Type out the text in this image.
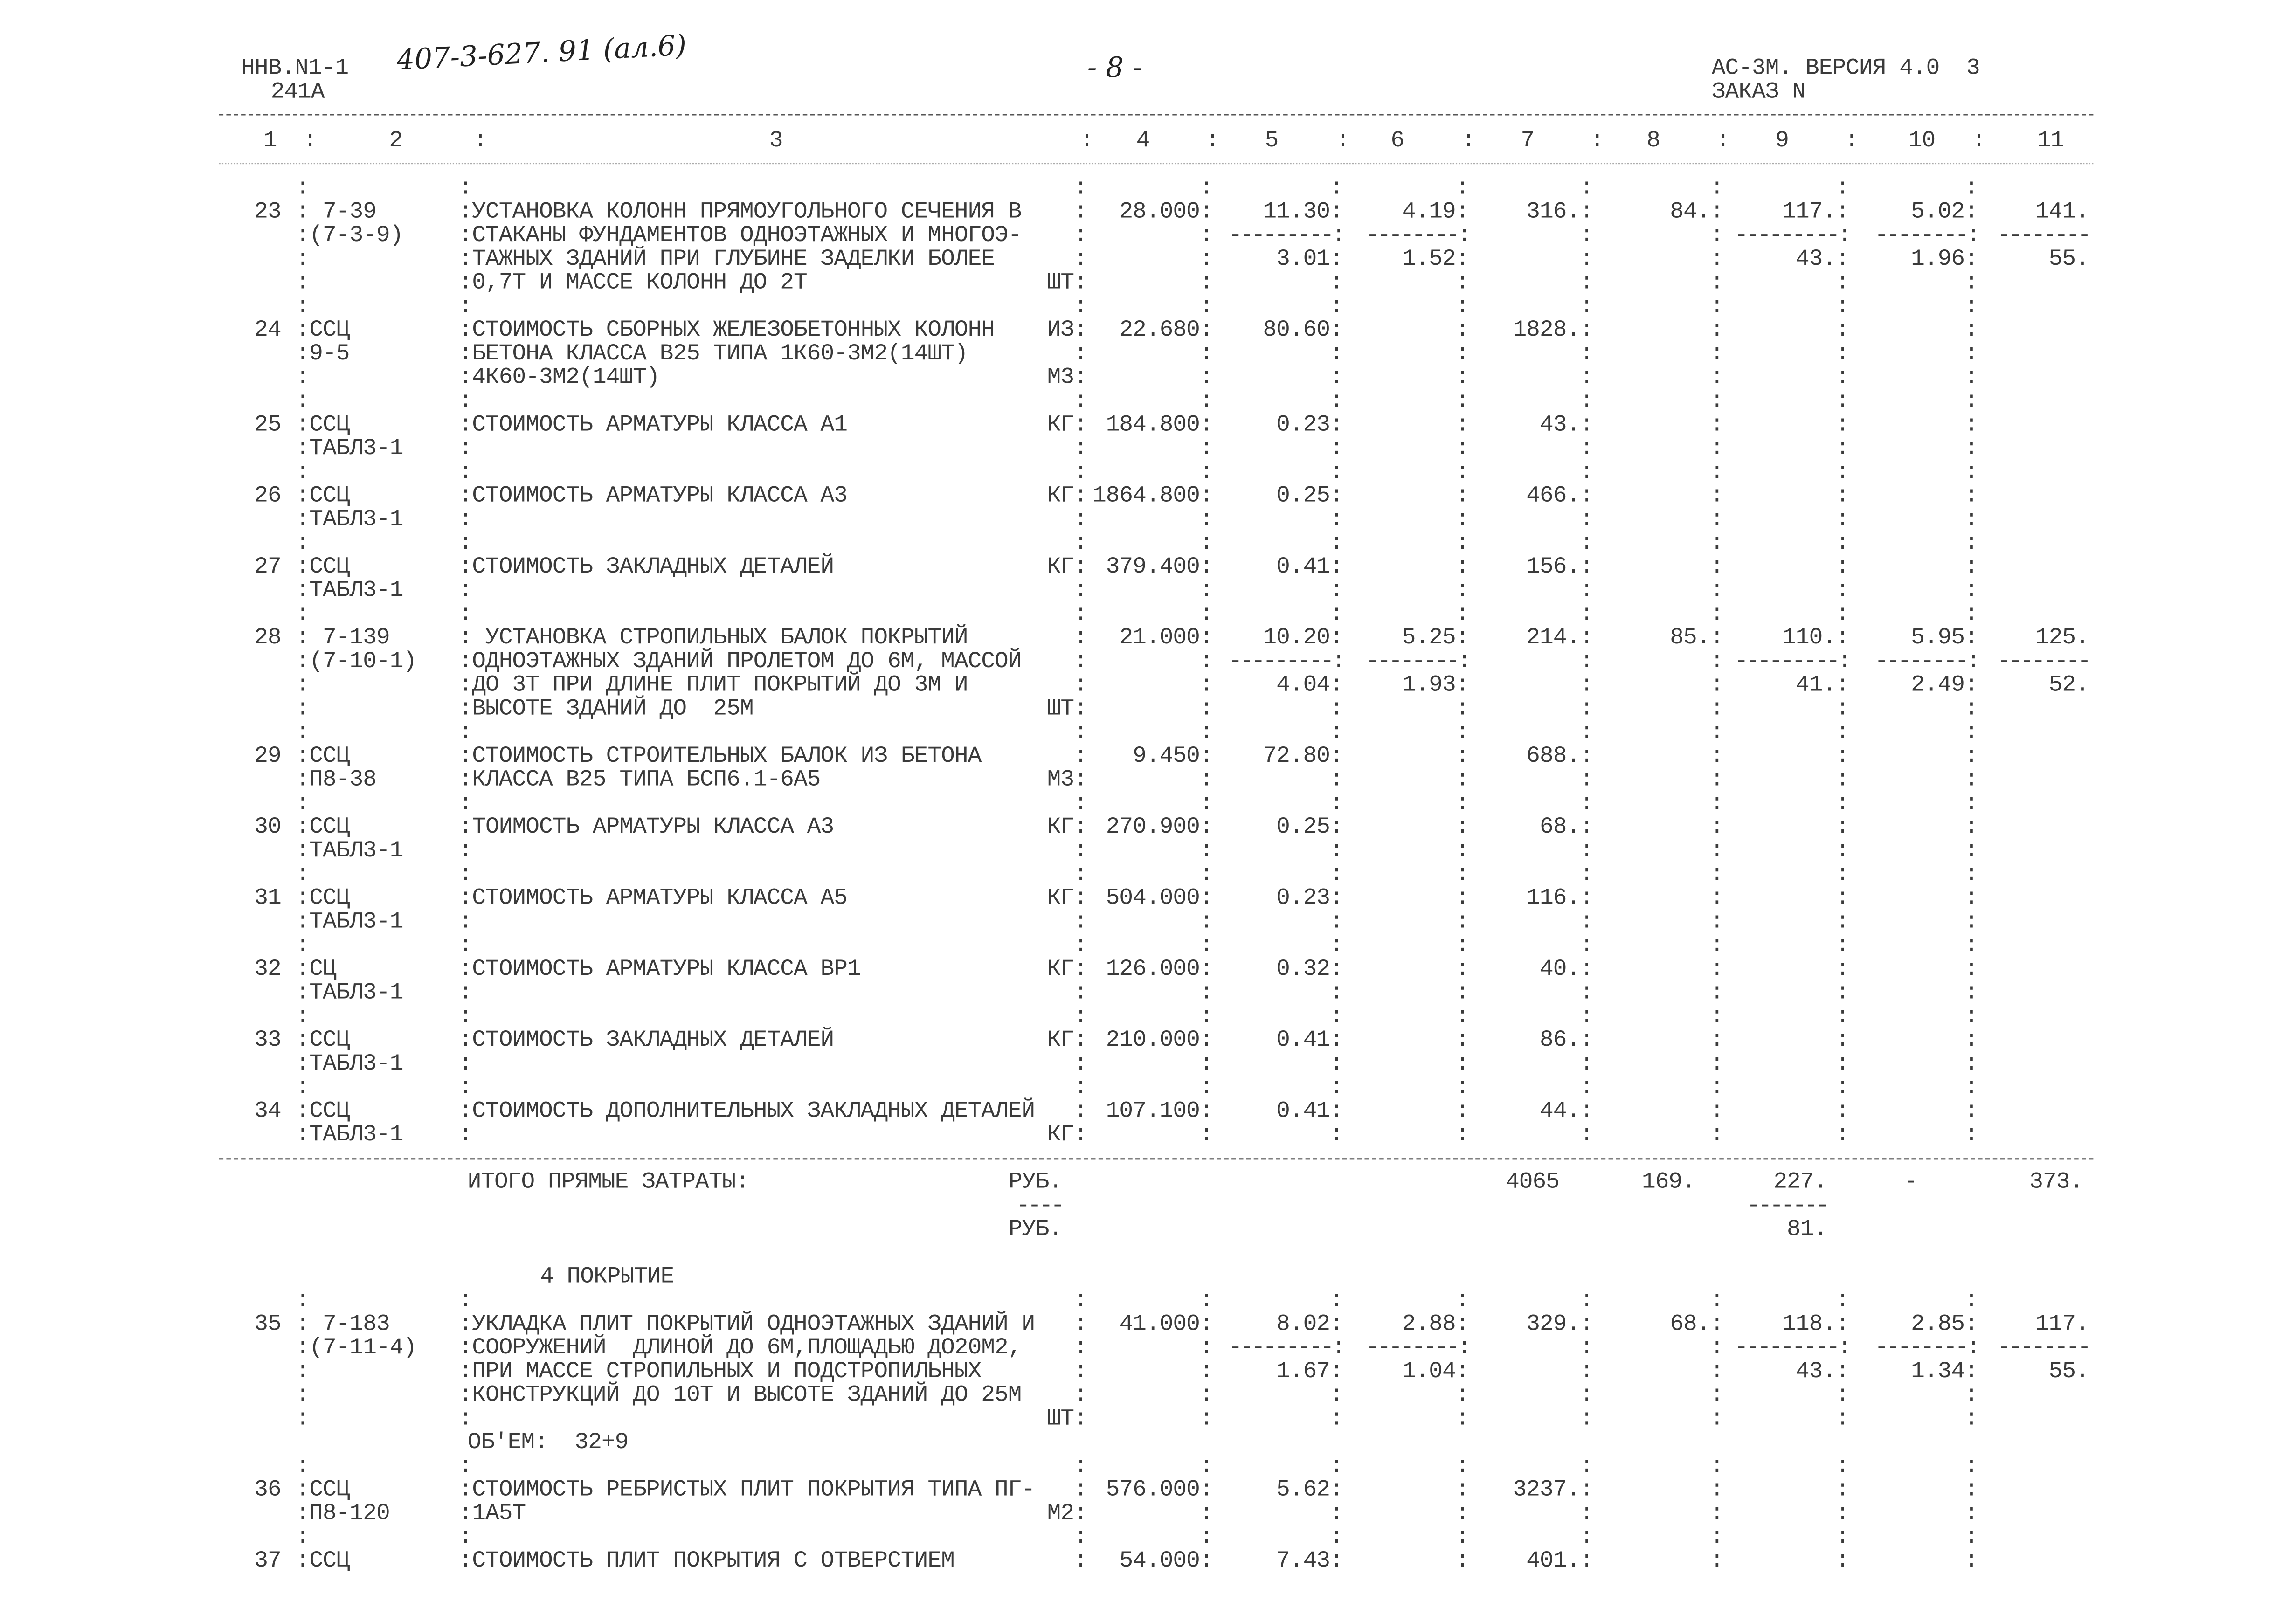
ННВ.N1-1
241А
407-3-627. 91 (ал.6)	- 8 -	АС-3М. ВЕРСИЯ 4.0  3
ЗАКАЗ N
1	2	3	4	5	6	7	8	9	10	11
:	:	:	:	:	:	:	:	:	:
:	:	:	:	:	:	:	:	:	:
23 : 7-39	:УСТАНОВКА КОЛОНН ПРЯМОУГОЛЬНОГО СЕЧЕНИЯ В	:	28.000:	11.30:	4.19:	316.:	84.:	117.:	5.02:	141.
:(7-3-9)	:СТАКАНЫ ФУНДАМЕНТОВ ОДНОЭТАЖНЫХ И МНОГОЭ-	:	: ---------:	--------:	:	: ---------:	--------:	--------
:	:ТАЖНЫХ ЗДАНИЙ ПРИ ГЛУБИНЕ ЗАДЕЛКИ БОЛЕЕ	:	:	3.01:	1.52:	:	:	43.:	1.96:	55.
:	:0,7Т И МАССЕ КОЛОНН ДО 2Т	ШТ:	:	:	:	:	:	:	:
:	:	:	:	:	:	:	:	:	:
24 :ССЦ	:СТОИМОСТЬ СБОРНЫХ ЖЕЛЕЗОБЕТОННЫХ КОЛОНН	ИЗ:	22.680:	80.60:	:	1828.:	:	:	:
:9-5	:БЕТОНА КЛАССА В25 ТИПА 1К60-3М2(14ШТ)	:	:	:	:	:	:	:	:
:	:4К60-3М2(14ШТ)	М3:	:	:	:	:	:	:	:
:	:	:	:	:	:	:	:	:	:
25 :ССЦ	:СТОИМОСТЬ АРМАТУРЫ КЛАССА А1	КГ:	184.800:	0.23:	:	43.:	:	:	:
:ТАБЛ3-1	:	:	:	:	:	:	:	:	:
:	:	:	:	:	:	:	:	:	:
26 :ССЦ	:СТОИМОСТЬ АРМАТУРЫ КЛАССА А3	КГ: 1864.800:	0.25:	:	466.:	:	:	:
:ТАБЛ3-1	:	:	:	:	:	:	:	:	:
:	:	:	:	:	:	:	:	:	:
27 :ССЦ	:СТОИМОСТЬ ЗАКЛАДНЫХ ДЕТАЛЕЙ	КГ:	379.400:	0.41:	:	156.:	:	:	:
:ТАБЛ3-1	:	:	:	:	:	:	:	:	:
:	:	:	:	:	:	:	:	:	:
28 : 7-139	: УСТАНОВКА СТРОПИЛЬНЫХ БАЛОК ПОКРЫТИЙ	:	21.000:	10.20:	5.25:	214.:	85.:	110.:	5.95:	125.
:(7-10-1)	:ОДНОЭТАЖНЫХ ЗДАНИЙ ПРОЛЕТОМ ДО 6М, МАССОЙ	:	: ---------:	--------:	:	: ---------:	--------:	--------
:	:ДО 3Т ПРИ ДЛИНЕ ПЛИТ ПОКРЫТИЙ ДО 3М И	:	:	4.04:	1.93:	:	:	41.:	2.49:	52.
:	:ВЫСОТЕ ЗДАНИЙ ДО  25М	ШТ:	:	:	:	:	:	:	:
:	:	:	:	:	:	:	:	:	:
29 :ССЦ	:СТОИМОСТЬ СТРОИТЕЛЬНЫХ БАЛОК ИЗ БЕТОНА	:	9.450:	72.80:	:	688.:	:	:	:
:П8-38	:КЛАССА В25 ТИПА БСП6.1-6А5	М3:	:	:	:	:	:	:	:
:	:	:	:	:	:	:	:	:	:
30 :ССЦ	:ТОИМОСТЬ АРМАТУРЫ КЛАССА А3	КГ:	270.900:	0.25:	:	68.:	:	:	:
:ТАБЛ3-1	:	:	:	:	:	:	:	:	:
:	:	:	:	:	:	:	:	:	:
31 :ССЦ	:СТОИМОСТЬ АРМАТУРЫ КЛАССА А5	КГ:	504.000:	0.23:	:	116.:	:	:	:
:ТАБЛ3-1	:	:	:	:	:	:	:	:	:
:	:	:	:	:	:	:	:	:	:
32 :СЦ	:СТОИМОСТЬ АРМАТУРЫ КЛАССА ВР1	КГ:	126.000:	0.32:	:	40.:	:	:	:
:ТАБЛ3-1	:	:	:	:	:	:	:	:	:
:	:	:	:	:	:	:	:	:	:
33 :ССЦ	:СТОИМОСТЬ ЗАКЛАДНЫХ ДЕТАЛЕЙ	КГ:	210.000:	0.41:	:	86.:	:	:	:
:ТАБЛ3-1	:	:	:	:	:	:	:	:	:
:	:	:	:	:	:	:	:	:	:
34 :ССЦ	:СТОИМОСТЬ ДОПОЛНИТЕЛЬНЫХ ЗАКЛАДНЫХ ДЕТАЛЕЙ	:	107.100:	0.41:	:	44.:	:	:	:
:ТАБЛ3-1	:	КГ:	:	:	:	:	:	:	:
ИТОГО ПРЯМЫЕ ЗАТРАТЫ:	РУБ.	4065	169.	227.	-	373.
----	-------
РУБ.	81.
4 ПОКРЫТИЕ
:	:	:	:	:	:	:	:	:	:
35 : 7-183	:УКЛАДКА ПЛИТ ПОКРЫТИЙ ОДНОЭТАЖНЫХ ЗДАНИЙ И	:	41.000:	8.02:	2.88:	329.:	68.:	118.:	2.85:	117.
:(7-11-4)	:СООРУЖЕНИЙ  ДЛИНОЙ ДО 6М,ПЛОЩАДЬЮ ДО20М2,	:	: ---------:	--------:	:	: ---------:	--------:	--------
:	:ПРИ МАССЕ СТРОПИЛЬНЫХ И ПОДСТРОПИЛЬНЫХ	:	:	1.67:	1.04:	:	:	43.:	1.34:	55.
:	:КОНСТРУКЦИЙ ДО 10Т И ВЫСОТЕ ЗДАНИЙ ДО 25М	:	:	:	:	:	:	:	:
:	:	ШТ:	:	:	:	:	:	:	:
ОБ'ЕМ:  32+9
:	:	:	:	:	:	:	:	:	:
36 :ССЦ	:СТОИМОСТЬ РЕБРИСТЫХ ПЛИТ ПОКРЫТИЯ ТИПА ПГ-	:	576.000:	5.62:	:	3237.:	:	:	:
:П8-120	:1А5Т	М2:	:	:	:	:	:	:	:
:	:	:	:	:	:	:	:	:	:
37 :ССЦ	:СТОИМОСТЬ ПЛИТ ПОКРЫТИЯ С ОТВЕРСТИЕМ	:	54.000:	7.43:	:	401.:	:	:	:
